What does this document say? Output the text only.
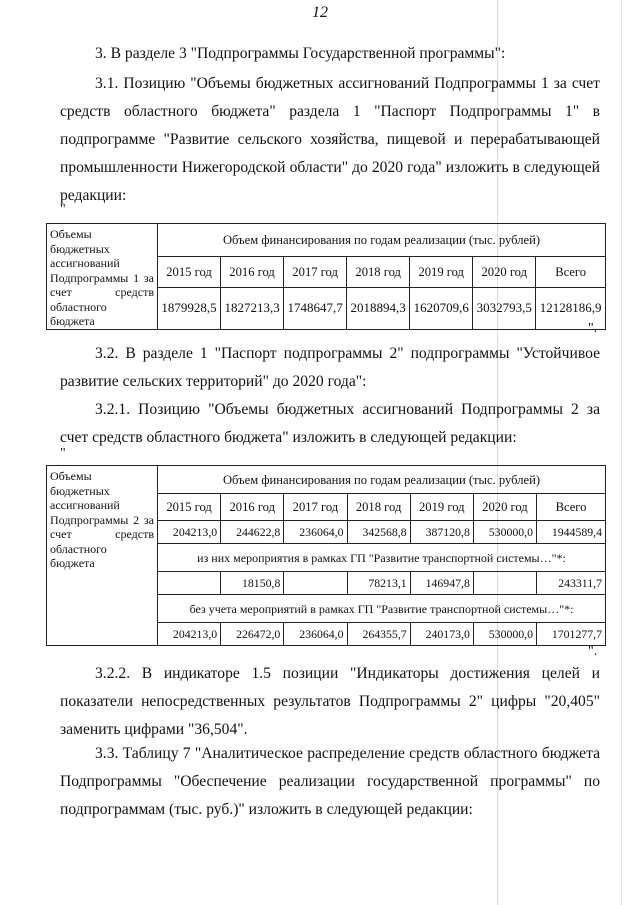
12

3. В разделе 3 "Подпрограммы Государственной программы":

3.1. Позицию "Объемы бюджетных ассигнований Подпрограммы 1 за счет средств областного бюджета" раздела 1 "Паспорт Подпрограммы 1" в подпрограмме "Развитие сельского хозяйства, пищевой и перерабатывающей промышленности Нижегородской области" до 2020 года" изложить в следующей редакции:

"
Объемы бюджетных ассигнований Подпрограммы 1 за счет средств областного бюджета	Объем финансирования по годам реализации (тыс. рублей)						
	2015 год	2016 год	2017 год	2018 год	2019 год	2020 год	Всего
	1879928,5	1827213,3	1748647,7	2018894,3	1620709,6	3032793,5	12128186,9
".

3.2. В разделе 1 "Паспорт подпрограммы 2" подпрограммы "Устойчивое развитие сельских территорий" до 2020 года":

3.2.1. Позицию "Объемы бюджетных ассигнований Подпрограммы 2 за счет средств областного бюджета" изложить в следующей редакции:

"
Объемы бюджетных ассигнований Подпрограммы 2 за счет средств областного бюджета	Объем финансирования по годам реализации (тыс. рублей)						
	2015 год	2016 год	2017 год	2018 год	2019 год	2020 год	Всего
	204213,0	244622,8	236064,0	342568,8	387120,8	530000,0	1944589,4
	из них мероприятия в рамках ГП "Развитие транспортной системы…"*:						
		18150,8		78213,1	146947,8		243311,7
	без учета мероприятий в рамках ГП "Развитие транспортной системы…"*:						
	204213,0	226472,0	236064,0	264355,7	240173,0	530000,0	1701277,7
".

3.2.2. В индикаторе 1.5 позиции "Индикаторы достижения целей и показатели непосредственных результатов Подпрограммы 2" цифры "20,405" заменить цифрами "36,504".

3.3. Таблицу 7 "Аналитическое распределение средств областного бюджета Подпрограммы "Обеспечение реализации государственной программы" по подпрограммам (тыс. руб.)" изложить в следующей редакции:
